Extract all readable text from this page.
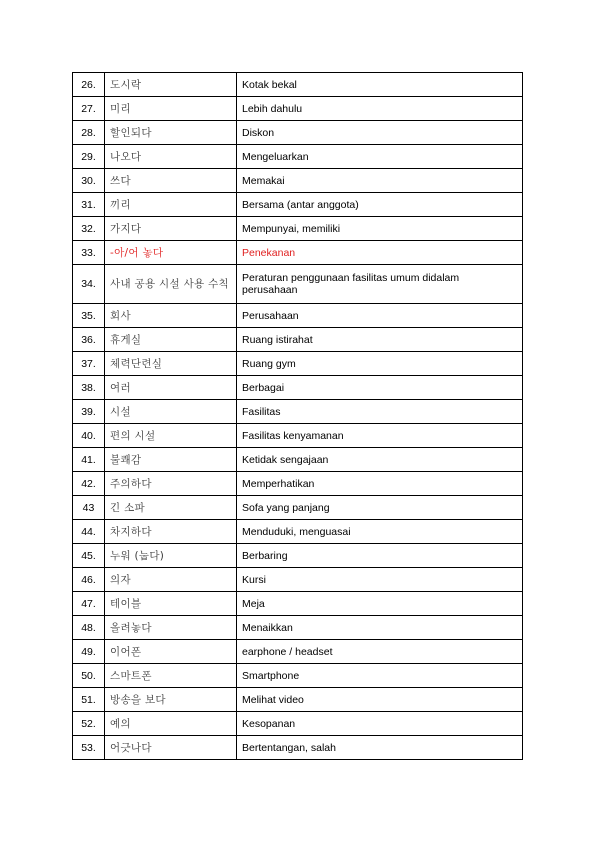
26.	도시락	Kotak bekal
27.	미리	Lebih dahulu
28.	할인되다	Diskon
29.	나오다	Mengeluarkan
30.	쓰다	Memakai
31.	끼리	Bersama (antar anggota)
32.	가지다	Mempunyai, memiliki
33.	-아/어 놓다	Penekanan
34.	사내 공용 시설 사용 수칙	Peraturan penggunaan fasilitas umum didalam perusahaan
35.	회사	Perusahaan
36.	휴게실	Ruang istirahat
37.	체력단련실	Ruang gym
38.	여러	Berbagai
39.	시설	Fasilitas
40.	편의 시설	Fasilitas kenyamanan
41.	불쾌감	Ketidak sengajaan
42.	주의하다	Memperhatikan
43	긴 소파	Sofa yang panjang
44.	차지하다	Menduduki, menguasai
45.	누워 (눕다)	Berbaring
46.	의자	Kursi
47.	테이블	Meja
48.	올려놓다	Menaikkan
49.	이어폰	earphone / headset
50.	스마트폰	Smartphone
51.	방송을 보다	Melihat video
52.	예의	Kesopanan
53.	어긋나다	Bertentangan, salah
